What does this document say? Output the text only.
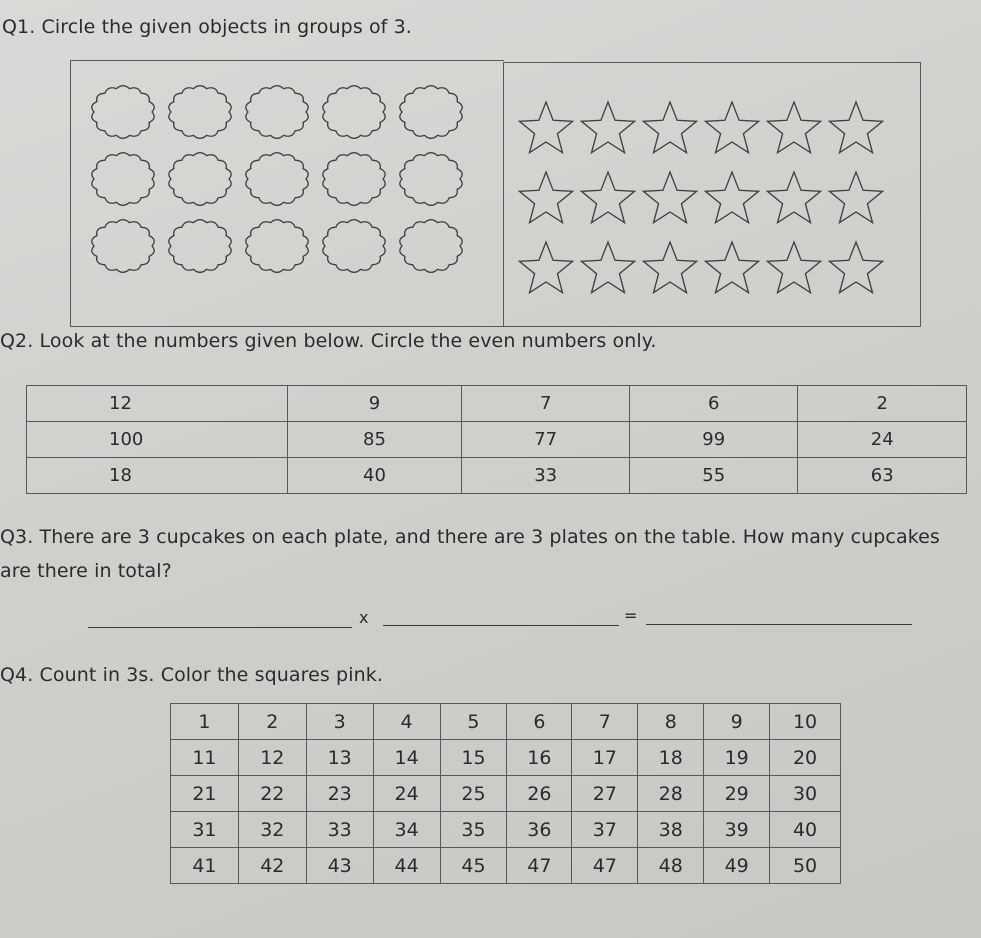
Q1. Circle the given objects in groups of 3.
Q2. Look at the numbers given below. Circle the even numbers only.
12	9	7	6	2
100	85	77	99	24
18	40	33	55	63
Q3. There are 3 cupcakes on each plate, and there are 3 plates on the table. How many cupcakes
are there in total?
x	=
Q4. Count in 3s. Color the squares pink.
1	2	3	4	5	6	7	8	9	10
11	12	13	14	15	16	17	18	19	20
21	22	23	24	25	26	27	28	29	30
31	32	33	34	35	36	37	38	39	40
41	42	43	44	45	47	47	48	49	50
